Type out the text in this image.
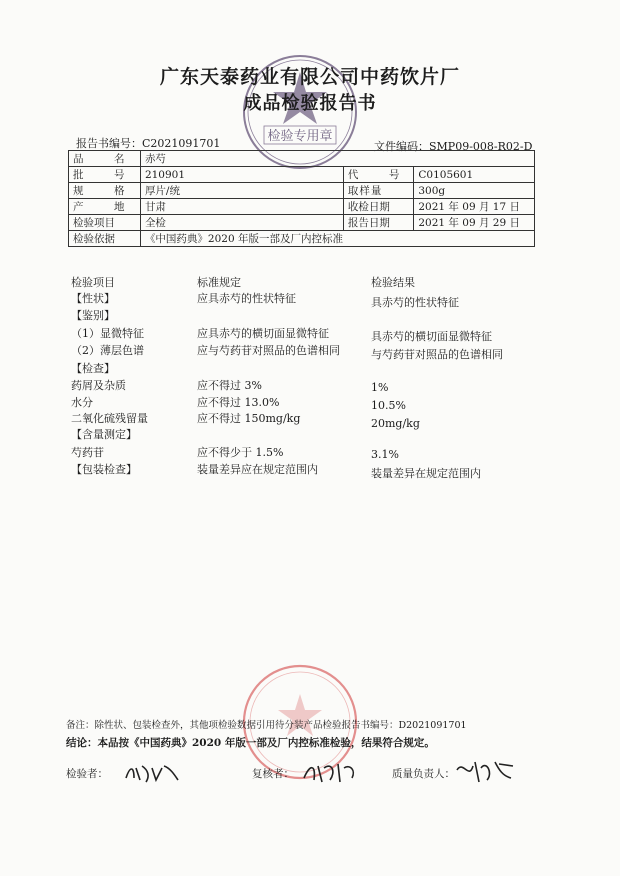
检验专用章
广东天泰药业有限公司中药饮片厂
成品检验报告书
报告书编号：C2021091701	文件编码：SMP09-008-R02-D
品　名	赤芍		
批　号	210901	代　号	C0105601
规　格	厚片/统	取样量	300g
产　地	甘肃	收检日期	2021 年 09 月 17 日
检验项目	全检	报告日期	2021 年 09 月 29 日
检验依据	《中国药典》2020 年版一部及厂内控标准		
检验项目	标准规定	检验结果
【性状】	应具赤芍的性状特征	具赤芍的性状特征
【鉴别】
（1）显微特征	应具赤芍的横切面显微特征	具赤芍的横切面显微特征
（2）薄层色谱	应与芍药苷对照品的色谱相同	与芍药苷对照品的色谱相同
【检查】
药屑及杂质	应不得过 3%	1%
水分	应不得过 13.0%	10.5%
二氧化硫残留量	应不得过 150mg/kg	20mg/kg
【含量测定】
芍药苷	应不得少于 1.5%	3.1%
【包装检查】	装量差异应在规定范围内	装量差异在规定范围内
备注：除性状、包装检查外，其他项检验数据引用待分装产品检验报告书编号：D2021091701
结论：本品按《中国药典》2020 年版一部及厂内控标准检验，结果符合规定。
检验者：	复核者：	质量负责人：
